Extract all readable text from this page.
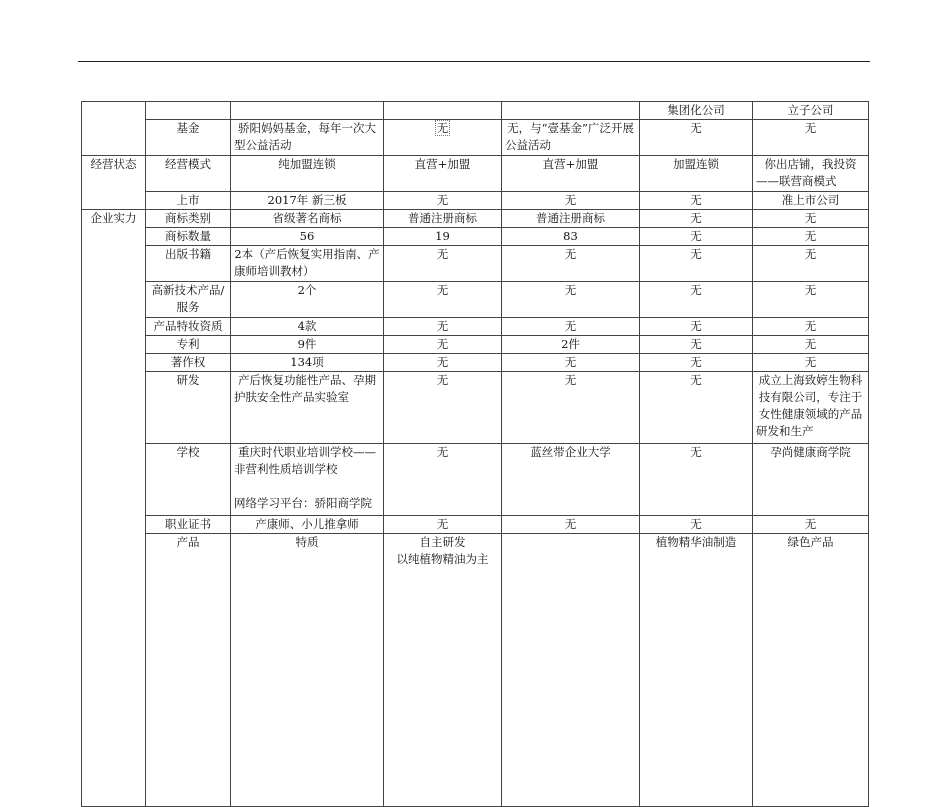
					集团化公司	立子公司	
	基金	骄阳妈妈基金，每年一次大型公益活动	无	无，与“壹基金”广泛开展公益活动	无	无	
经营状态	经营模式	纯加盟连锁	直营+加盟	直营+加盟	加盟连锁	你出店铺，我投资——联营商模式	
	上市	2017年 新三板	无	无	无	准上市公司	
企业实力	商标类别	省级著名商标	普通注册商标	普通注册商标	无	无	
	商标数量	56	19	83	无	无	
	出版书籍	2本（产后恢复实用指南、产康师培训教材）	无	无	无	无	
	高新技术产品/服务	2个	无	无	无	无	
	产品特妆资质	4款	无	无	无	无	
	专利	9件	无	2件	无	无	
	著作权	134项	无	无	无	无	
	研发	产后恢复功能性产品、孕期护肤安全性产品实验室	无	无	无	成立上海致婷生物科技有限公司，专注于女性健康领域的产品研发和生产	
	学校	重庆时代职业培训学校——非营利性质培训学校
网络学习平台：骄阳商学院	无	蓝丝带企业大学	无	孕尚健康商学院	
	职业证书	产康师、小儿推拿师	无	无	无	无	
	产品	特质	自主研发
以纯植物精油为主		植物精华油制造	绿色产品	
